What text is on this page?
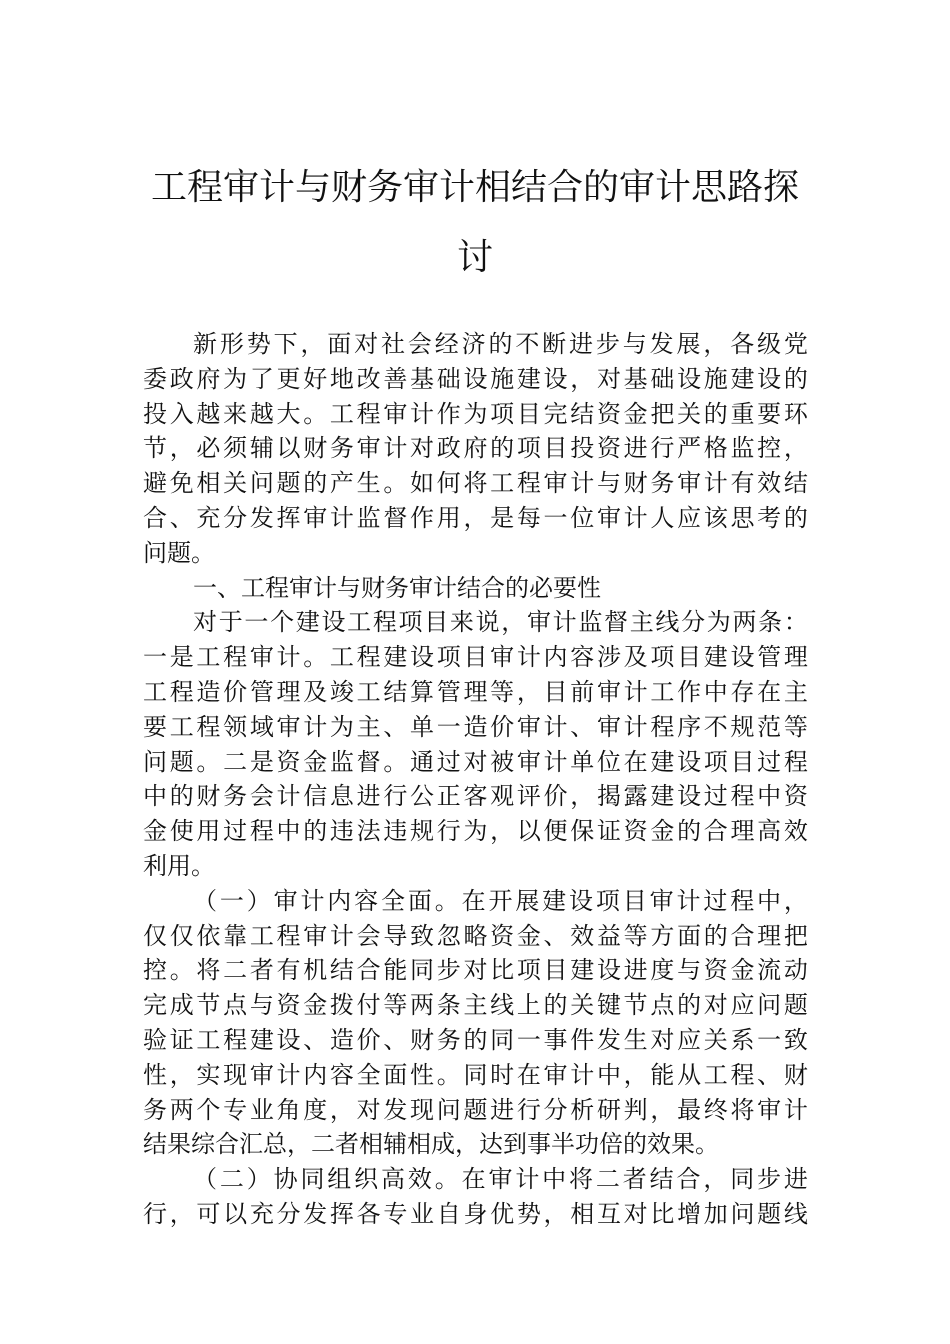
工程审计与财务审计相结合的审计思路探
讨
新 形 势 下 ， 面 对 社 会 经 济 的 不 断 进 步 与 发 展 ， 各 级 党
委 政 府 为 了 更 好 地 改 善 基 础 设 施 建 设 ， 对 基 础 设 施 建 设 的
投 入 越 来 越 大 。 工 程 审 计 作 为 项 目 完 结 资 金 把 关 的 重 要 环
节 ， 必 须 辅 以 财 务 审 计 对 政 府 的 项 目 投 资 进 行 严 格 监 控 ，
避 免 相 关 问 题 的 产 生 。 如 何 将 工 程 审 计 与 财 务 审 计 有 效 结
合 、 充 分 发 挥 审 计 监 督 作 用 ， 是 每 一 位 审 计 人 应 该 思 考 的
问题。
一、工程审计与财务审计结合的必要性
对 于 一 个 建 设 工 程 项 目 来 说 ， 审 计 监 督 主 线 分 为 两 条 ：
一 是 工 程 审 计 。 工 程 建 设 项 目 审 计 内 容 涉 及 项 目 建 设 管 理
工 程 造 价 管 理 及 竣 工 结 算 管 理 等 ， 目 前 审 计 工 作 中 存 在 主
要 工 程 领 域 审 计 为 主 、 单 一 造 价 审 计 、 审 计 程 序 不 规 范 等
问 题 。 二 是 资 金 监 督 。 通 过 对 被 审 计 单 位 在 建 设 项 目 过 程
中 的 财 务 会 计 信 息 进 行 公 正 客 观 评 价 ， 揭 露 建 设 过 程 中 资
金 使 用 过 程 中 的 违 法 违 规 行 为 ， 以 便 保 证 资 金 的 合 理 高 效
利用。
（ 一 ） 审 计 内 容 全 面 。 在 开 展 建 设 项 目 审 计 过 程 中 ，
仅 仅 依 靠 工 程 审 计 会 导 致 忽 略 资 金 、 效 益 等 方 面 的 合 理 把
控 。 将 二 者 有 机 结 合 能 同 步 对 比 项 目 建 设 进 度 与 资 金 流 动
完 成 节 点 与 资 金 拨 付 等 两 条 主 线 上 的 关 键 节 点 的 对 应 问 题
验 证 工 程 建 设 、 造 价 、 财 务 的 同 一 事 件 发 生 对 应 关 系 一 致
性 ， 实 现 审 计 内 容 全 面 性 。 同 时 在 审 计 中 ， 能 从 工 程 、 财
务 两 个 专 业 角 度 ， 对 发 现 问 题 进 行 分 析 研 判 ， 最 终 将 审 计
结果综合汇总，二者相辅相成，达到事半功倍的效果。
（ 二 ） 协 同 组 织 高 效 。 在 审 计 中 将 二 者 结 合 ， 同 步 进
行 ， 可 以 充 分 发 挥 各 专 业 自 身 优 势 ， 相 互 对 比 增 加 问 题 线
